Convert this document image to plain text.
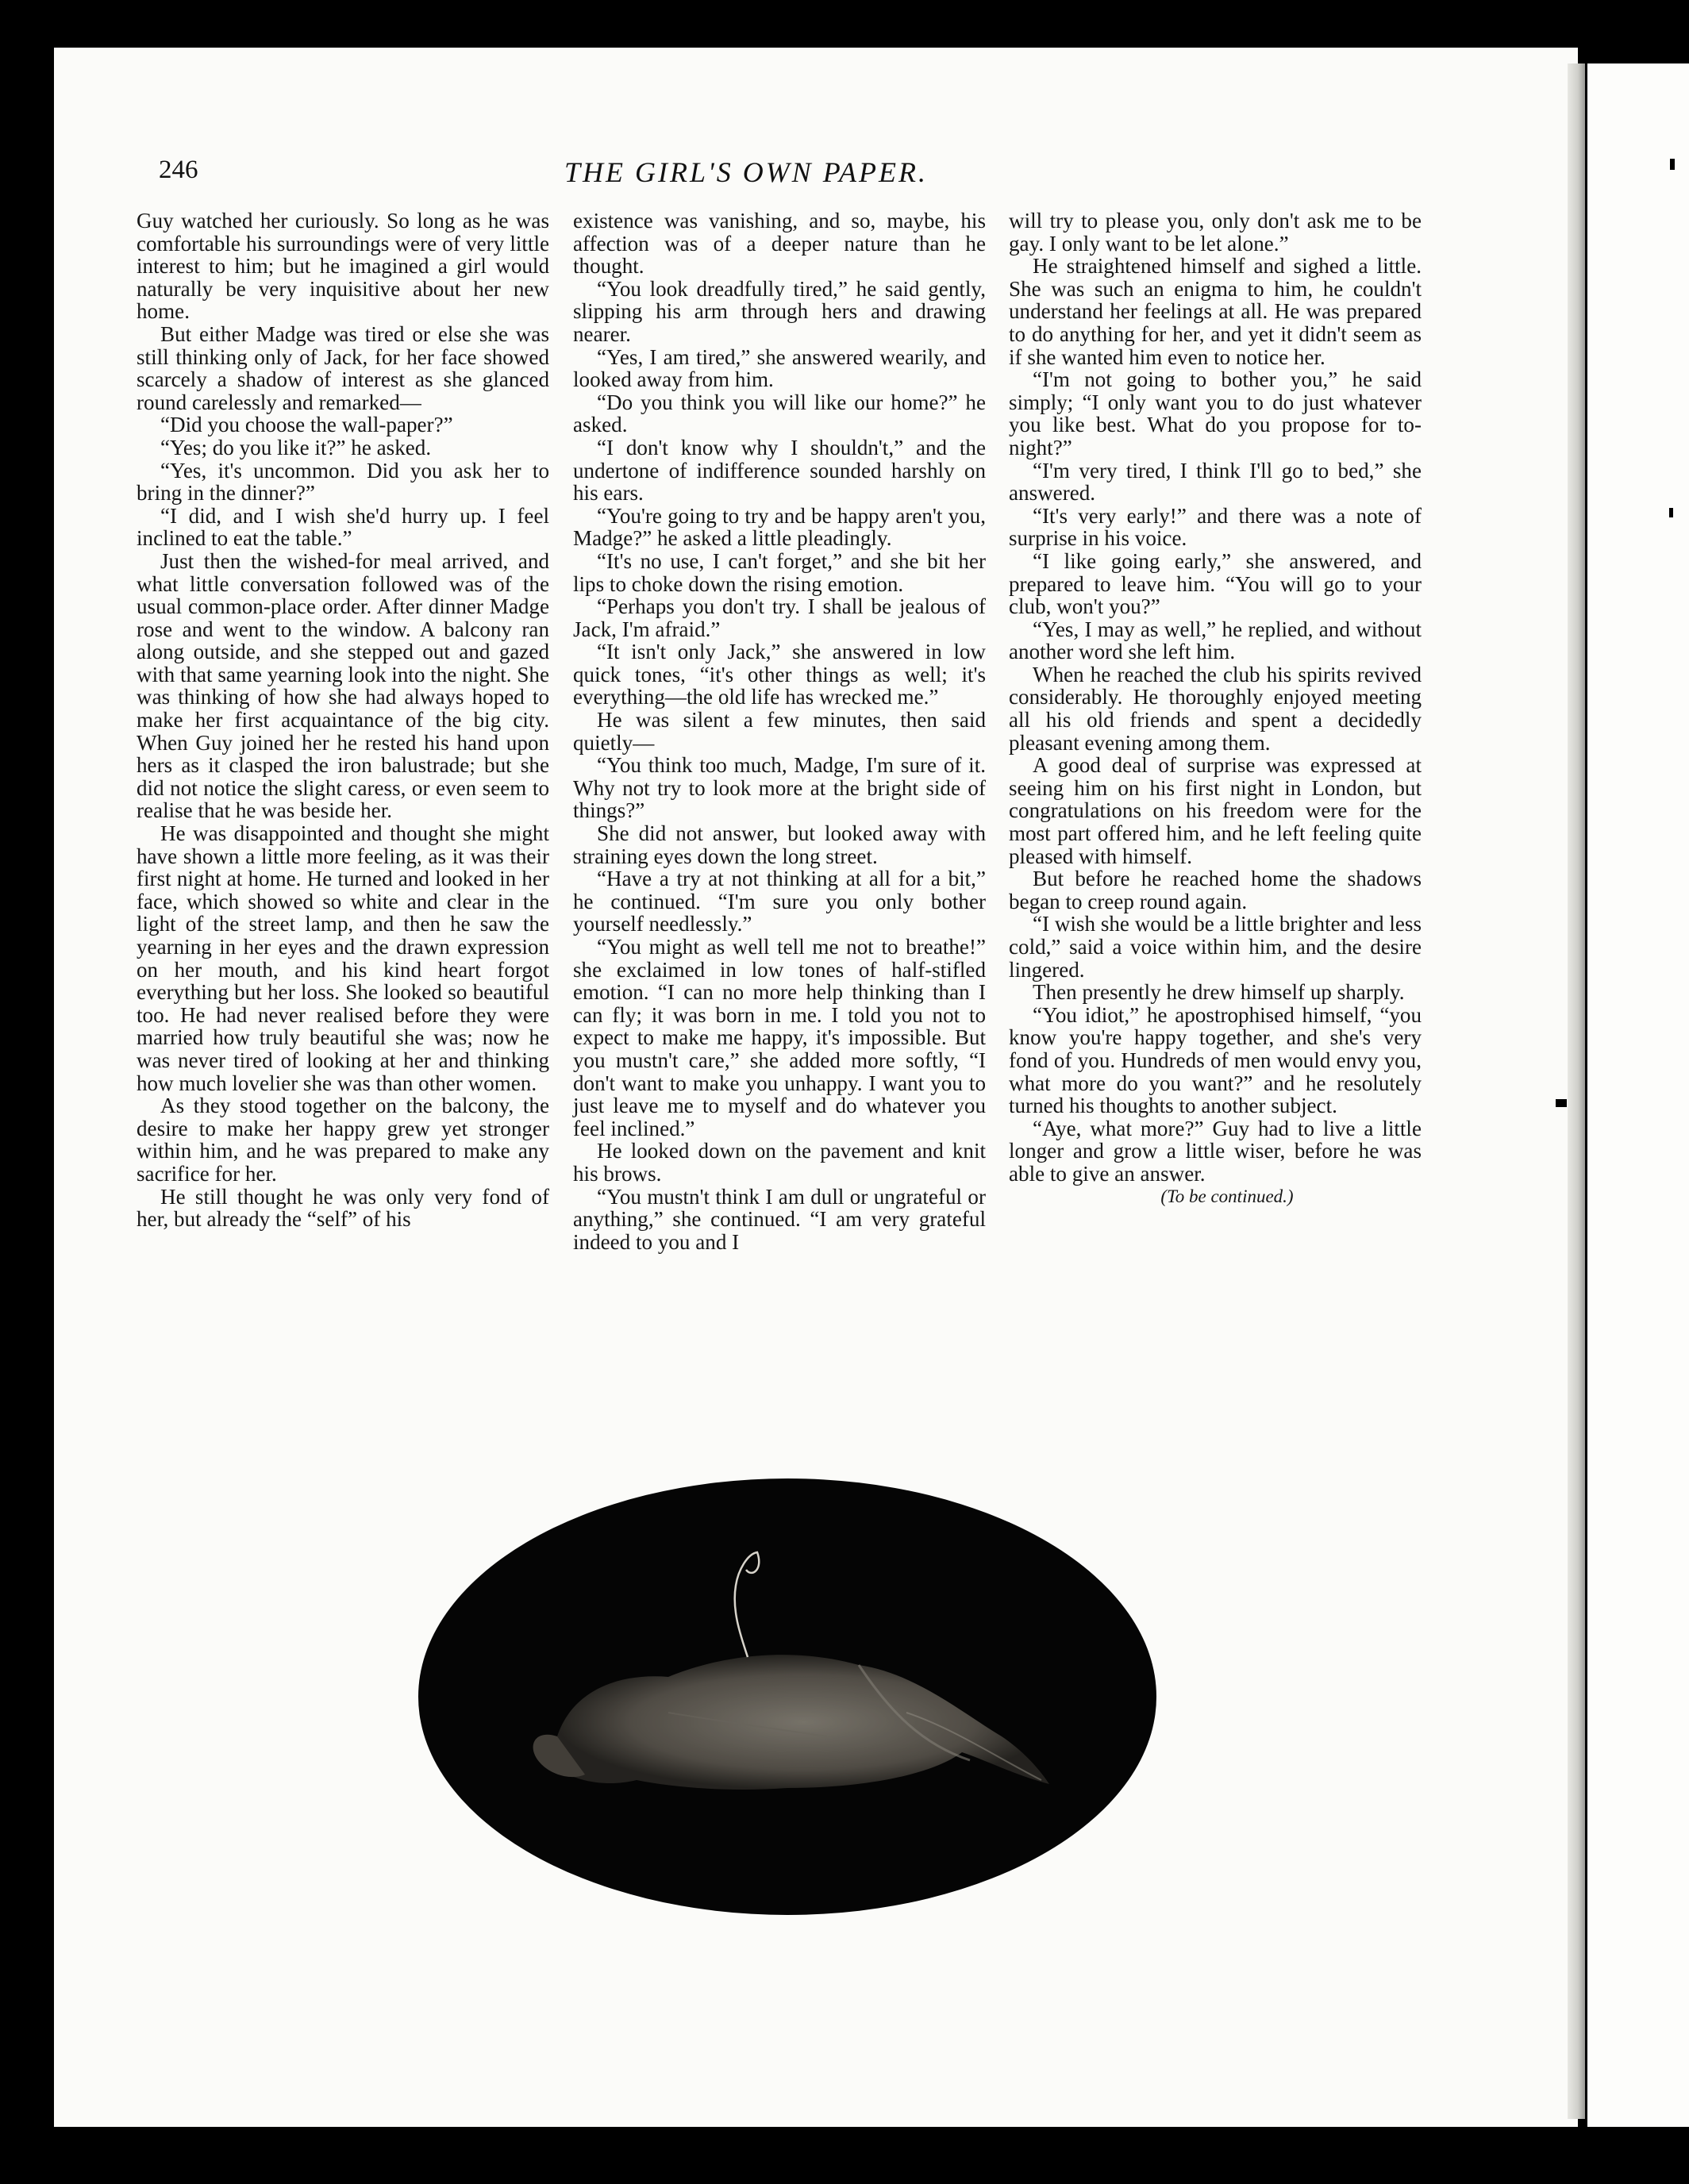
246	THE GIRL'S OWN PAPER.

Guy watched her curiously. So long as he was comfortable his surroundings were of very little interest to him; but he imagined a girl would naturally be very inquisitive about her new home.

But either Madge was tired or else she was still thinking only of Jack, for her face showed scarcely a shadow of interest as she glanced round carelessly and remarked—

“Did you choose the wall-paper?”

“Yes; do you like it?” he asked.

“Yes, it's uncommon. Did you ask her to bring in the dinner?”

“I did, and I wish she'd hurry up. I feel inclined to eat the table.”

Just then the wished-for meal arrived, and what little conversation followed was of the usual common-place order. After dinner Madge rose and went to the window. A balcony ran along outside, and she stepped out and gazed with that same yearning look into the night. She was thinking of how she had always hoped to make her first acquaintance of the big city. When Guy joined her he rested his hand upon hers as it clasped the iron balustrade; but she did not notice the slight caress, or even seem to realise that he was beside her.

He was disappointed and thought she might have shown a little more feeling, as it was their first night at home. He turned and looked in her face, which showed so white and clear in the light of the street lamp, and then he saw the yearning in her eyes and the drawn expression on her mouth, and his kind heart forgot everything but her loss. She looked so beautiful too. He had never realised before they were married how truly beautiful she was; now he was never tired of looking at her and thinking how much lovelier she was than other women.

As they stood together on the balcony, the desire to make her happy grew yet stronger within him, and he was prepared to make any sacrifice for her.

He still thought he was only very fond of her, but already the “self” of his

existence was vanishing, and so, maybe, his affection was of a deeper nature than he thought.

“You look dreadfully tired,” he said gently, slipping his arm through hers and drawing nearer.

“Yes, I am tired,” she answered wearily, and looked away from him.

“Do you think you will like our home?” he asked.

“I don't know why I shouldn't,” and the undertone of indifference sounded harshly on his ears.

“You're going to try and be happy aren't you, Madge?” he asked a little pleadingly.

“It's no use, I can't forget,” and she bit her lips to choke down the rising emotion.

“Perhaps you don't try. I shall be jealous of Jack, I'm afraid.”

“It isn't only Jack,” she answered in low quick tones, “it's other things as well; it's everything—the old life has wrecked me.”

He was silent a few minutes, then said quietly—

“You think too much, Madge, I'm sure of it. Why not try to look more at the bright side of things?”

She did not answer, but looked away with straining eyes down the long street.

“Have a try at not thinking at all for a bit,” he continued. “I'm sure you only bother yourself needlessly.”

“You might as well tell me not to breathe!” she exclaimed in low tones of half-stifled emotion. “I can no more help thinking than I can fly; it was born in me. I told you not to expect to make me happy, it's impossible. But you mustn't care,” she added more softly, “I don't want to make you unhappy. I want you to just leave me to myself and do whatever you feel inclined.”

He looked down on the pavement and knit his brows.

“You mustn't think I am dull or ungrateful or anything,” she continued. “I am very grateful indeed to you and I

will try to please you, only don't ask me to be gay. I only want to be let alone.”

He straightened himself and sighed a little. She was such an enigma to him, he couldn't understand her feelings at all. He was prepared to do anything for her, and yet it didn't seem as if she wanted him even to notice her.

“I'm not going to bother you,” he said simply; “I only want you to do just whatever you like best. What do you propose for to-night?”

“I'm very tired, I think I'll go to bed,” she answered.

“It's very early!” and there was a note of surprise in his voice.

“I like going early,” she answered, and prepared to leave him. “You will go to your club, won't you?”

“Yes, I may as well,” he replied, and without another word she left him.

When he reached the club his spirits revived considerably. He thoroughly enjoyed meeting all his old friends and spent a decidedly pleasant evening among them.

A good deal of surprise was expressed at seeing him on his first night in London, but congratulations on his freedom were for the most part offered him, and he left feeling quite pleased with himself.

But before he reached home the shadows began to creep round again.

“I wish she would be a little brighter and less cold,” said a voice within him, and the desire lingered.

Then presently he drew himself up sharply.

“You idiot,” he apostrophised himself, “you know you're happy together, and she's very fond of you. Hundreds of men would envy you, what more do you want?” and he resolutely turned his thoughts to another subject.

“Aye, what more?” Guy had to live a little longer and grow a little wiser, before he was able to give an answer.

(To be continued.)
